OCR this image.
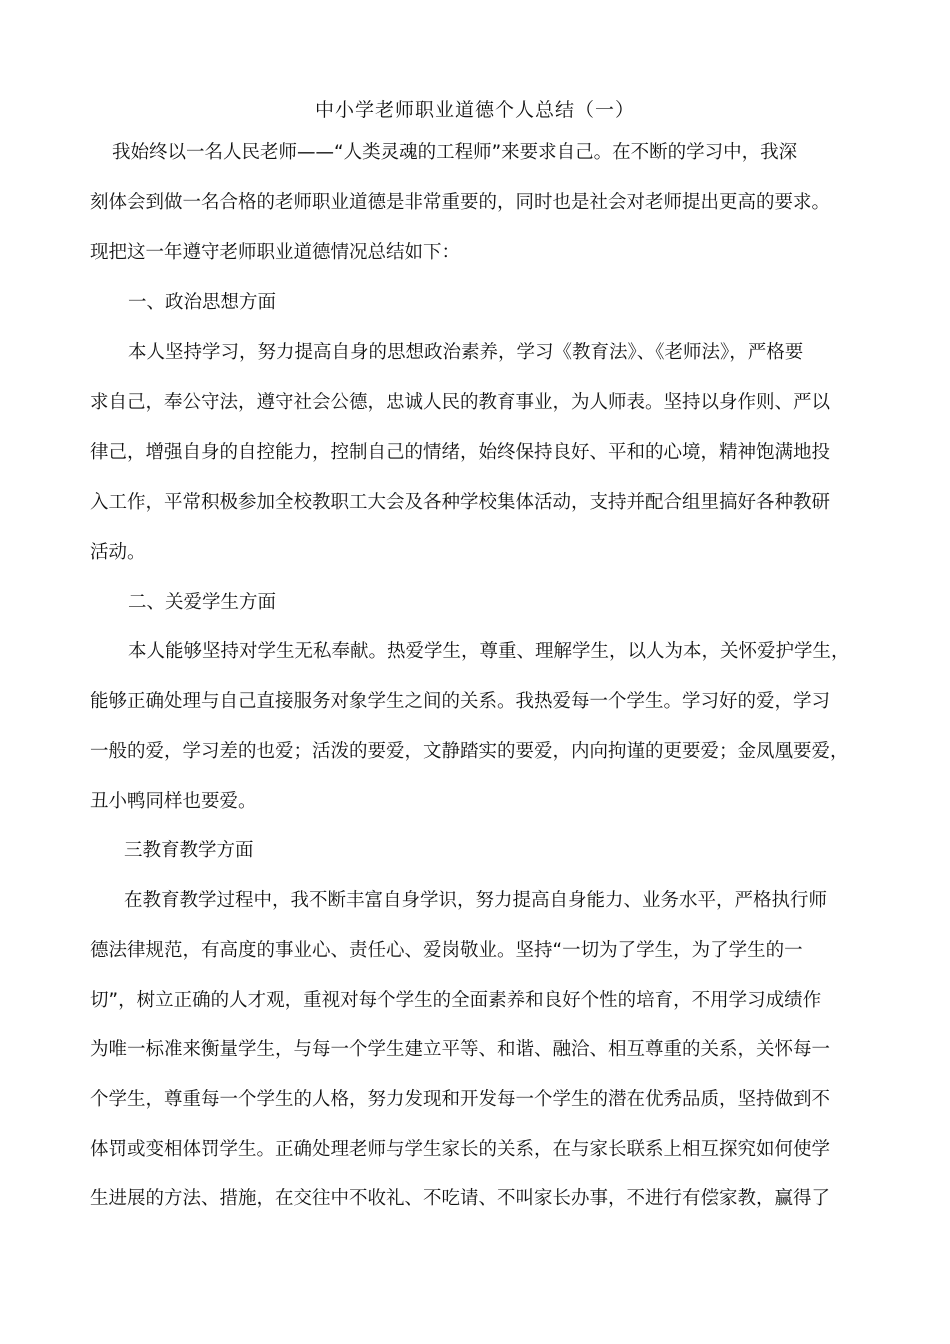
中小学老师职业道德个人总结（一）
我始终以一名人民老师——“人类灵魂的工程师”来要求自己。在不断的学习中，我深
刻体会到做一名合格的老师职业道德是非常重要的，同时也是社会对老师提出更高的要求。
现把这一年遵守老师职业道德情况总结如下：
一、政治思想方面
本人坚持学习，努力提高自身的思想政治素养，学习《教育法》、《老师法》，严格要
求自己，奉公守法，遵守社会公德，忠诚人民的教育事业，为人师表。坚持以身作则、严以
律己，增强自身的自控能力，控制自己的情绪，始终保持良好、平和的心境，精神饱满地投
入工作，平常积极参加全校教职工大会及各种学校集体活动，支持并配合组里搞好各种教研
活动。
二、关爱学生方面
本人能够坚持对学生无私奉献。热爱学生，尊重、理解学生，以人为本，关怀爱护学生，
能够正确处理与自己直接服务对象学生之间的关系。我热爱每一个学生。学习好的爱，学习
一般的爱，学习差的也爱；活泼的要爱，文静踏实的要爱，内向拘谨的更要爱；金凤凰要爱，
丑小鸭同样也要爱。
三教育教学方面
在教育教学过程中，我不断丰富自身学识，努力提高自身能力、业务水平，严格执行师
德法律规范，有高度的事业心、责任心、爱岗敬业。坚持“一切为了学生，为了学生的一
切”，树立正确的人才观，重视对每个学生的全面素养和良好个性的培育，不用学习成绩作
为唯一标准来衡量学生，与每一个学生建立平等、和谐、融洽、相互尊重的关系，关怀每一
个学生，尊重每一个学生的人格，努力发现和开发每一个学生的潜在优秀品质，坚持做到不
体罚或变相体罚学生。正确处理老师与学生家长的关系，在与家长联系上相互探究如何使学
生进展的方法、措施，在交往中不收礼、不吃请、不叫家长办事，不进行有偿家教，赢得了
